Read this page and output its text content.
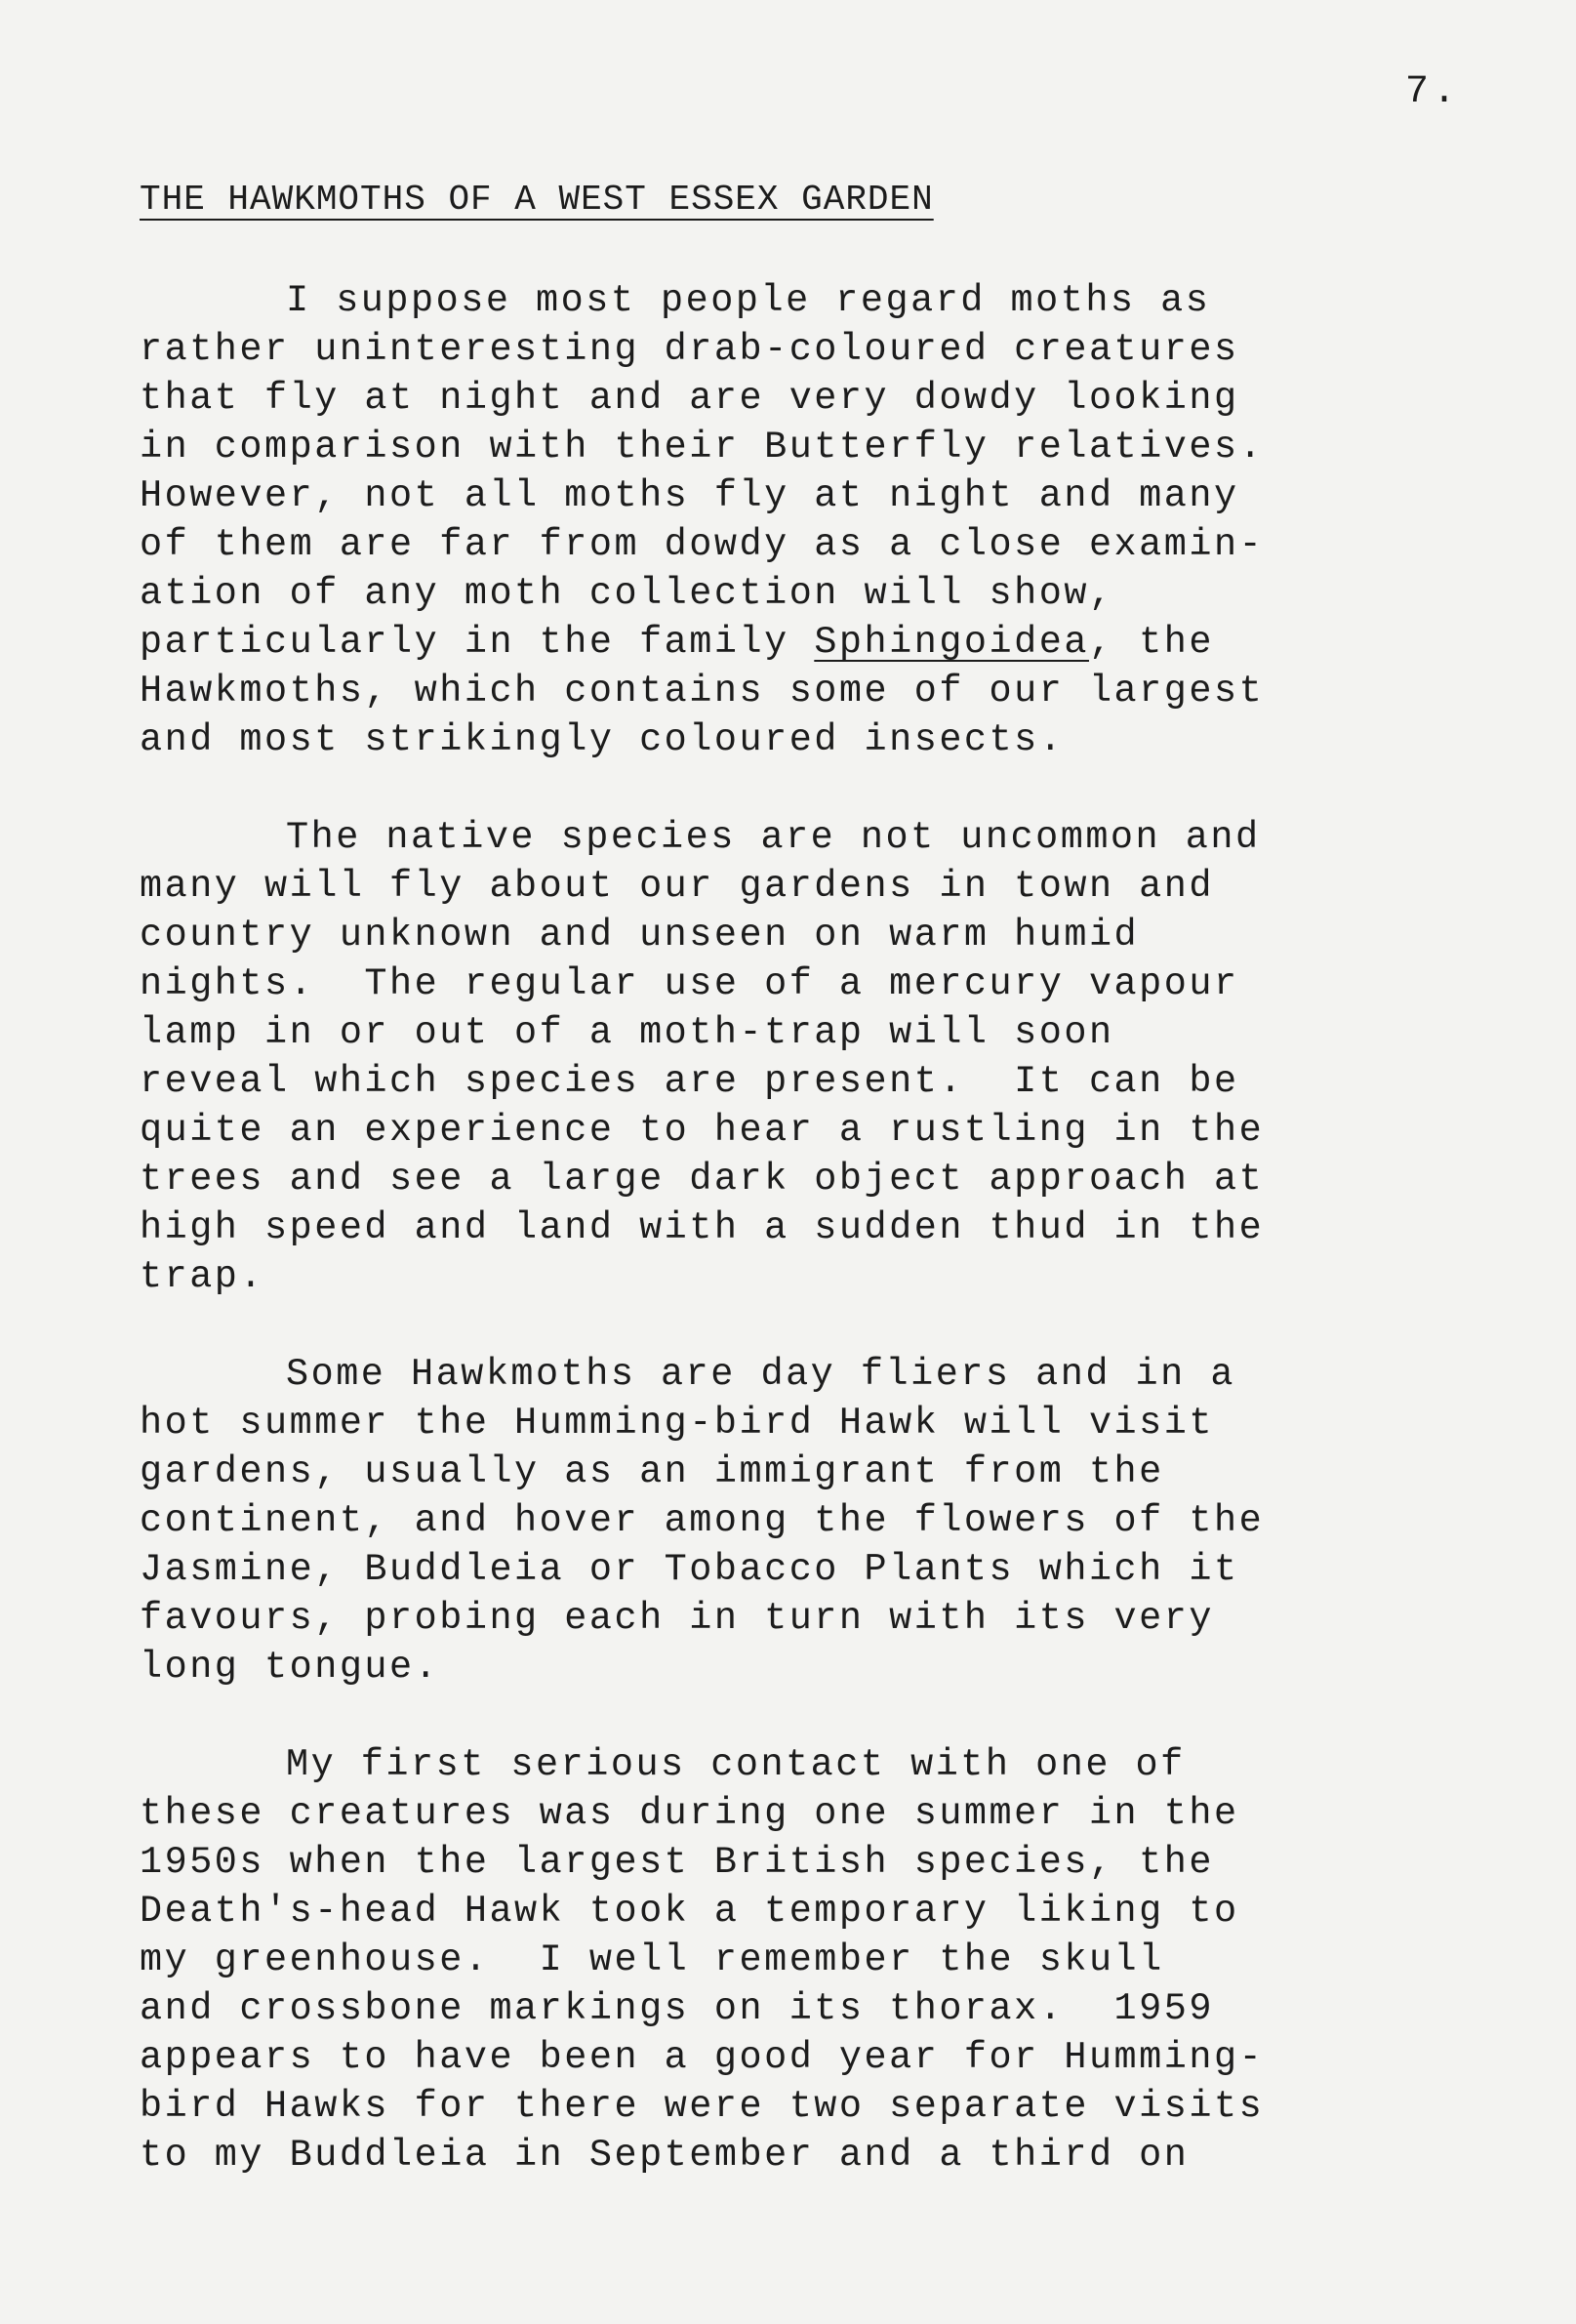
7.
THE HAWKMOTHS OF A WEST ESSEX GARDEN
I suppose most people regard moths as
rather uninteresting drab-coloured creatures
that fly at night and are very dowdy looking
in comparison with their Butterfly relatives.
However, not all moths fly at night and many
of them are far from dowdy as a close examin-
ation of any moth collection will show,
particularly in the family Sphingoidea, the
Hawkmoths, which contains some of our largest
and most strikingly coloured insects.
The native species are not uncommon and
many will fly about our gardens in town and
country unknown and unseen on warm humid
nights.  The regular use of a mercury vapour
lamp in or out of a moth-trap will soon
reveal which species are present.  It can be
quite an experience to hear a rustling in the
trees and see a large dark object approach at
high speed and land with a sudden thud in the
trap.
Some Hawkmoths are day fliers and in a
hot summer the Humming-bird Hawk will visit
gardens, usually as an immigrant from the
continent, and hover among the flowers of the
Jasmine, Buddleia or Tobacco Plants which it
favours, probing each in turn with its very
long tongue.
My first serious contact with one of
these creatures was during one summer in the
1950s when the largest British species, the
Death's-head Hawk took a temporary liking to
my greenhouse.  I well remember the skull
and crossbone markings on its thorax.  1959
appears to have been a good year for Humming-
bird Hawks for there were two separate visits
to my Buddleia in September and a third on
